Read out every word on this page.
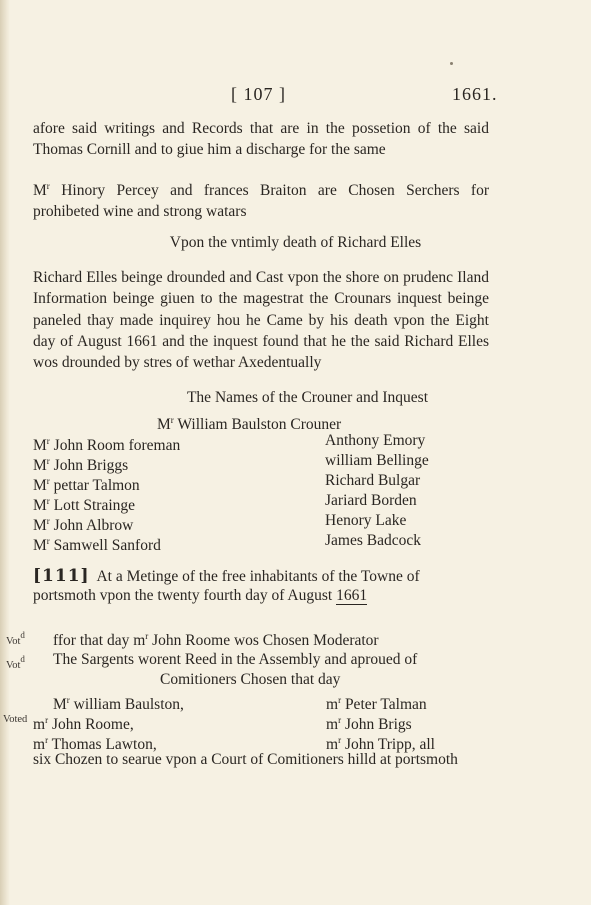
[ 107 ]	1661.
afore said writings and Records that are in the possetion of the said Thomas Cornill and to giue him a discharge for the same
$M^r$ Hinory Percey and frances Braiton are Chosen Serchers for prohibeted wine and strong watars
Vpon the vntimly death of Richard Elles
Richard Elles beinge drounded and Cast vpon the shore on prudenc Iland Information beinge giuen to the magestrat the Crounars inquest beinge paneled thay made inquirey hou he Came by his death vpon the Eight day of August 1661 and the inquest found that he the said Richard Elles wos drounded by stres of wethar Axedentually
The Names of the Crouner and Inquest
$M^r$ William Baulston Crouner
$M^r$ John Room foreman
$M^r$ John Briggs
$M^r$ pettar Talmon
$M^r$ Lott Strainge
$M^r$ John Albrow
$M^r$ Samwell Sanford
Anthony Emory
william Bellinge
Richard Bulgar
Jariard Borden
Henory Lake
James Badcock
[111] At a Metinge of the free inhabitants of the Towne of
portsmoth vpon the twenty fourth day of August 1661
Vot$^d$ ffor that day $m^r$ John Roome wos Chosen Moderator
Vot$^d$ The Sargents worent Reed in the Assembly and aproued of
Comitioners Chosen that day
Voted
$M^r$ william Baulston,
$m^r$ John Roome,
$m^r$ Thomas Lawton,
$m^r$ Peter Talman
$m^r$ John Brigs
$m^r$ John Tripp, all
six Chozen to searue vpon a Court of Comitioners hilld at portsmoth
